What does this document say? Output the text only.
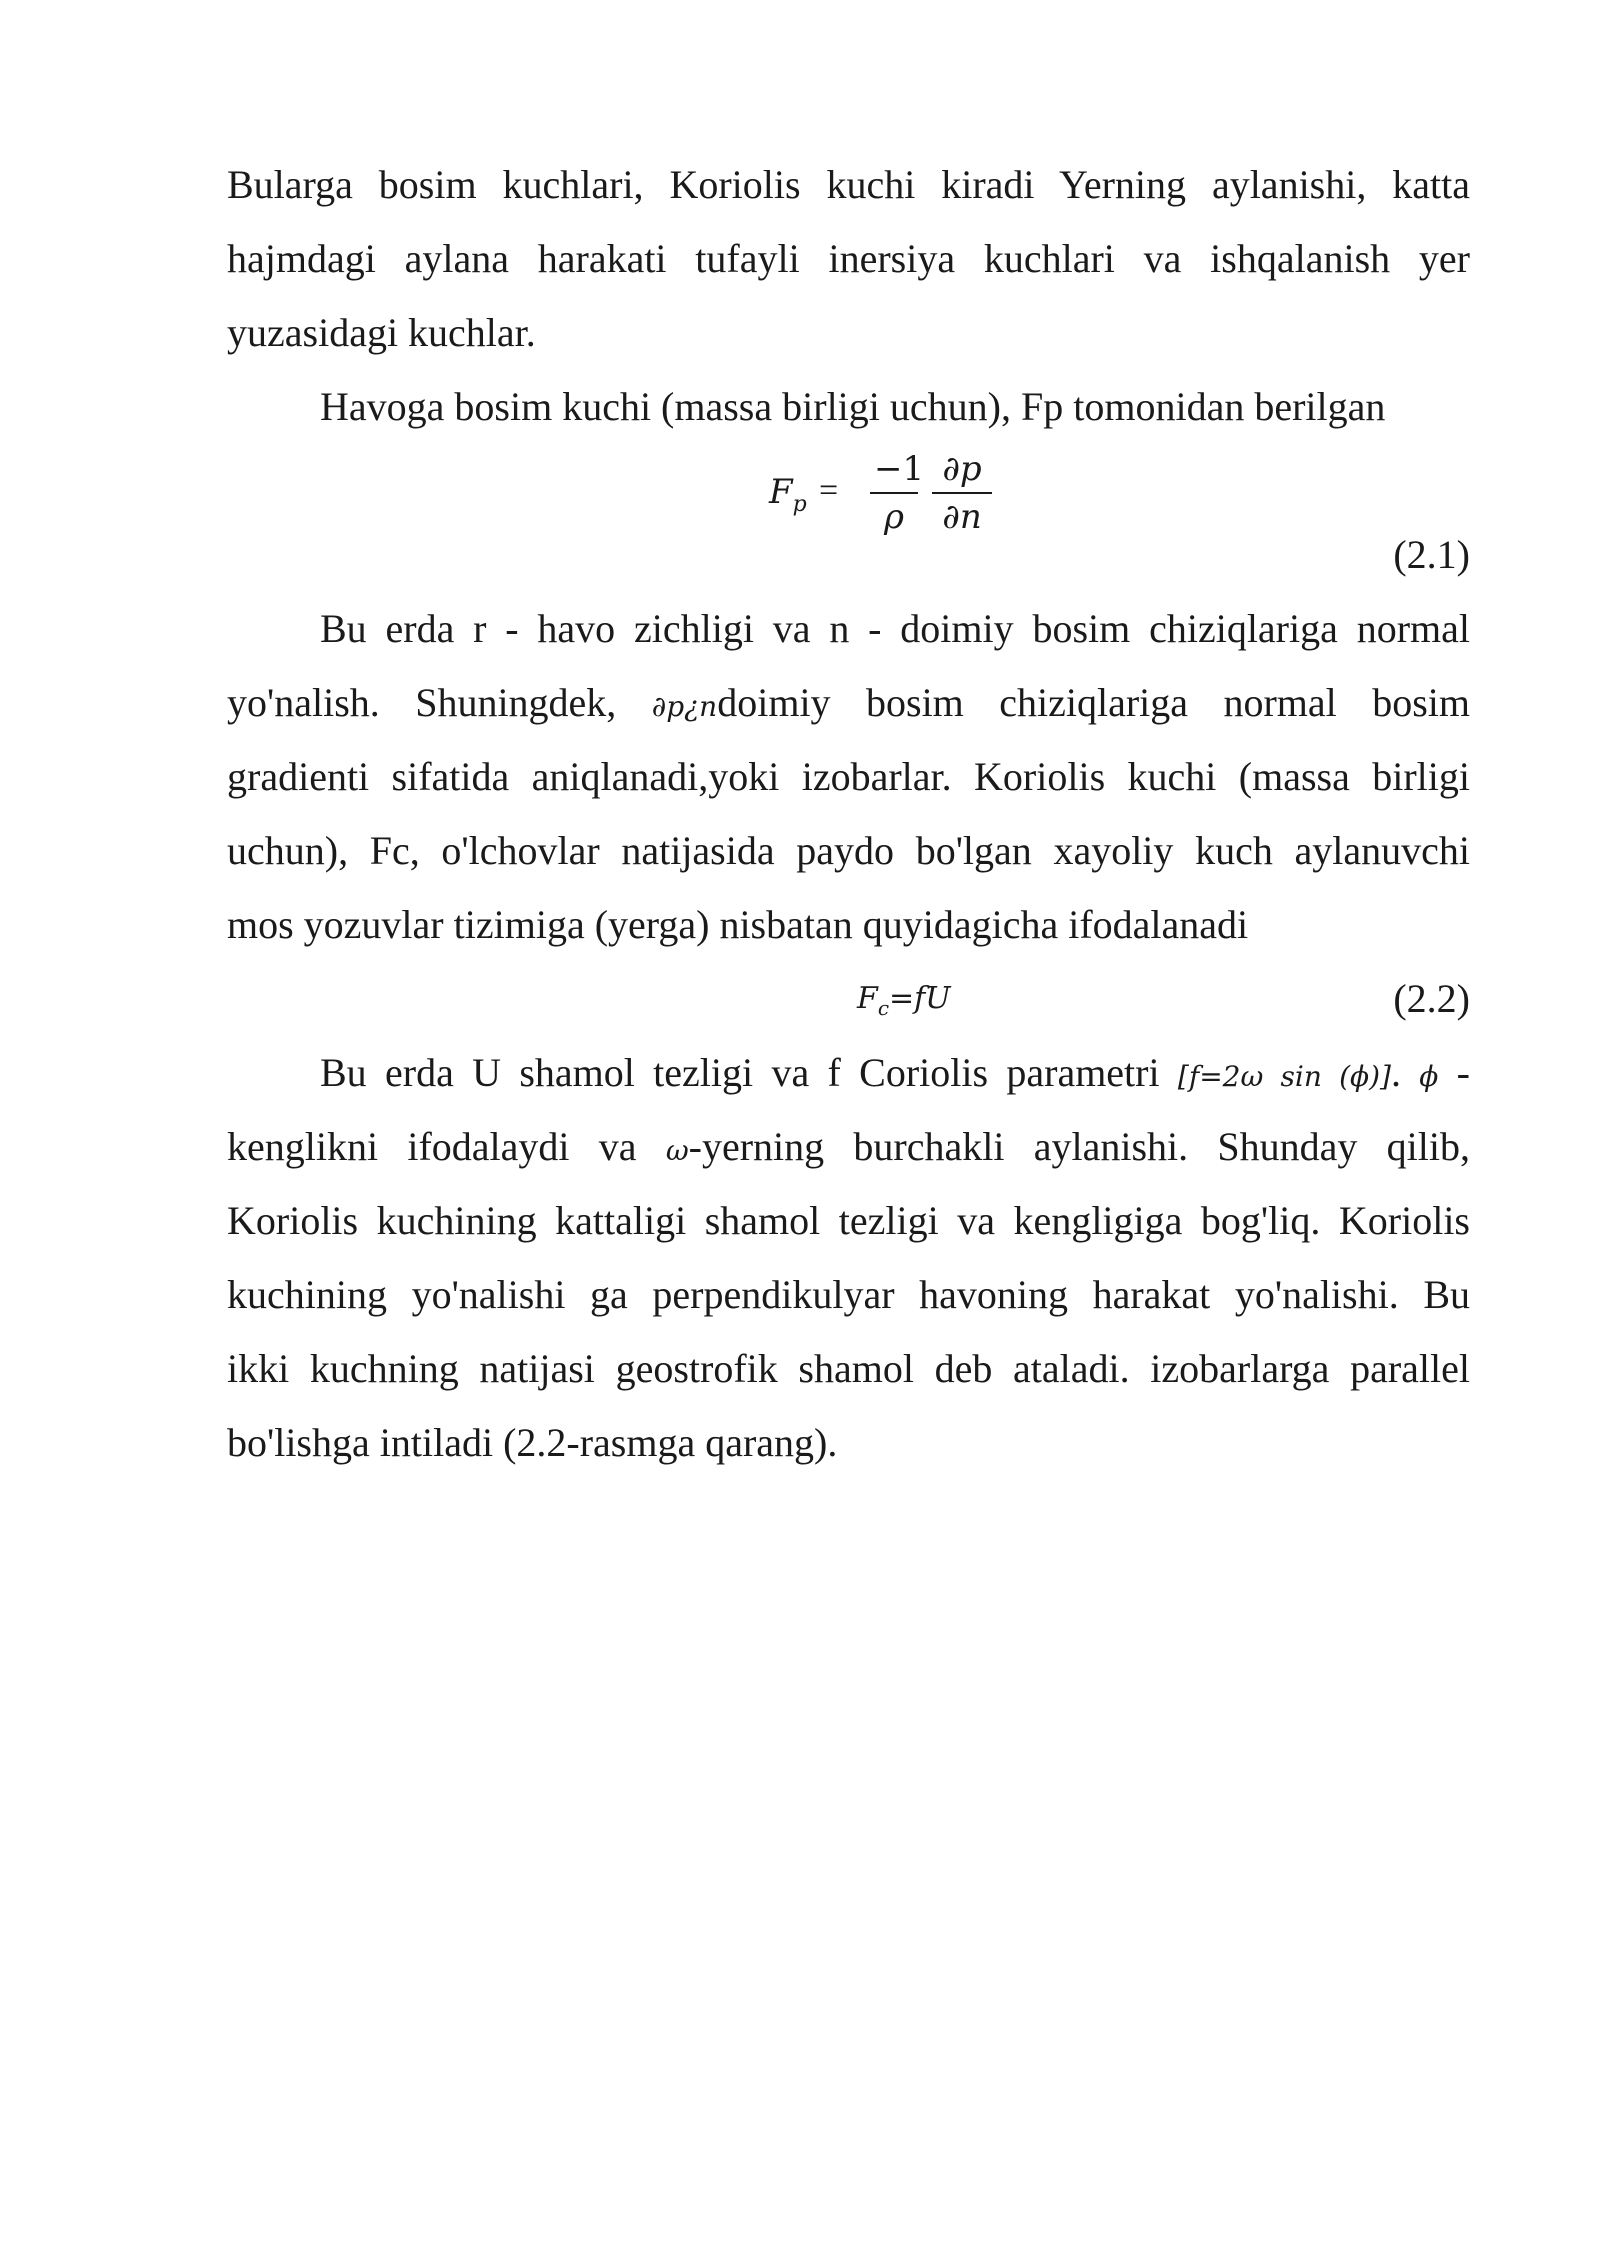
Bularga bosim kuchlari, Koriolis kuchi kiradi Yerning aylanishi, katta
hajmdagi aylana harakati tufayli inersiya kuchlari va ishqalanish yer
yuzasidagi kuchlar.
Havoga bosim kuchi (massa birligi uchun), Fp tomonidan berilgan
$F_p$ =
−1
ρ
∂p
∂n
(2.1)
Bu erda r - havo zichligi va n - doimiy bosim chiziqlariga normal
yo'nalish. Shuningdek, ∂p¿ndoimiy bosim chiziqlariga normal bosim
gradienti sifatida aniqlanadi,yoki izobarlar. Koriolis kuchi (massa birligi
uchun), Fc, o'lchovlar natijasida paydo bo'lgan xayoliy kuch aylanuvchi
mos yozuvlar tizimiga (yerga) nisbatan quyidagicha ifodalanadi
$F_c=fU$	(2.2)
Bu erda U shamol tezligi va f Coriolis parametri [f=2ω sin (ϕ)]. ϕ -
kenglikni ifodalaydi va ω-yerning burchakli aylanishi. Shunday qilib,
Koriolis kuchining kattaligi shamol tezligi va kengligiga bog'liq. Koriolis
kuchining yo'nalishi ga perpendikulyar havoning harakat yo'nalishi. Bu
ikki kuchning natijasi geostrofik shamol deb ataladi. izobarlarga parallel
bo'lishga intiladi (2.2-rasmga qarang).
